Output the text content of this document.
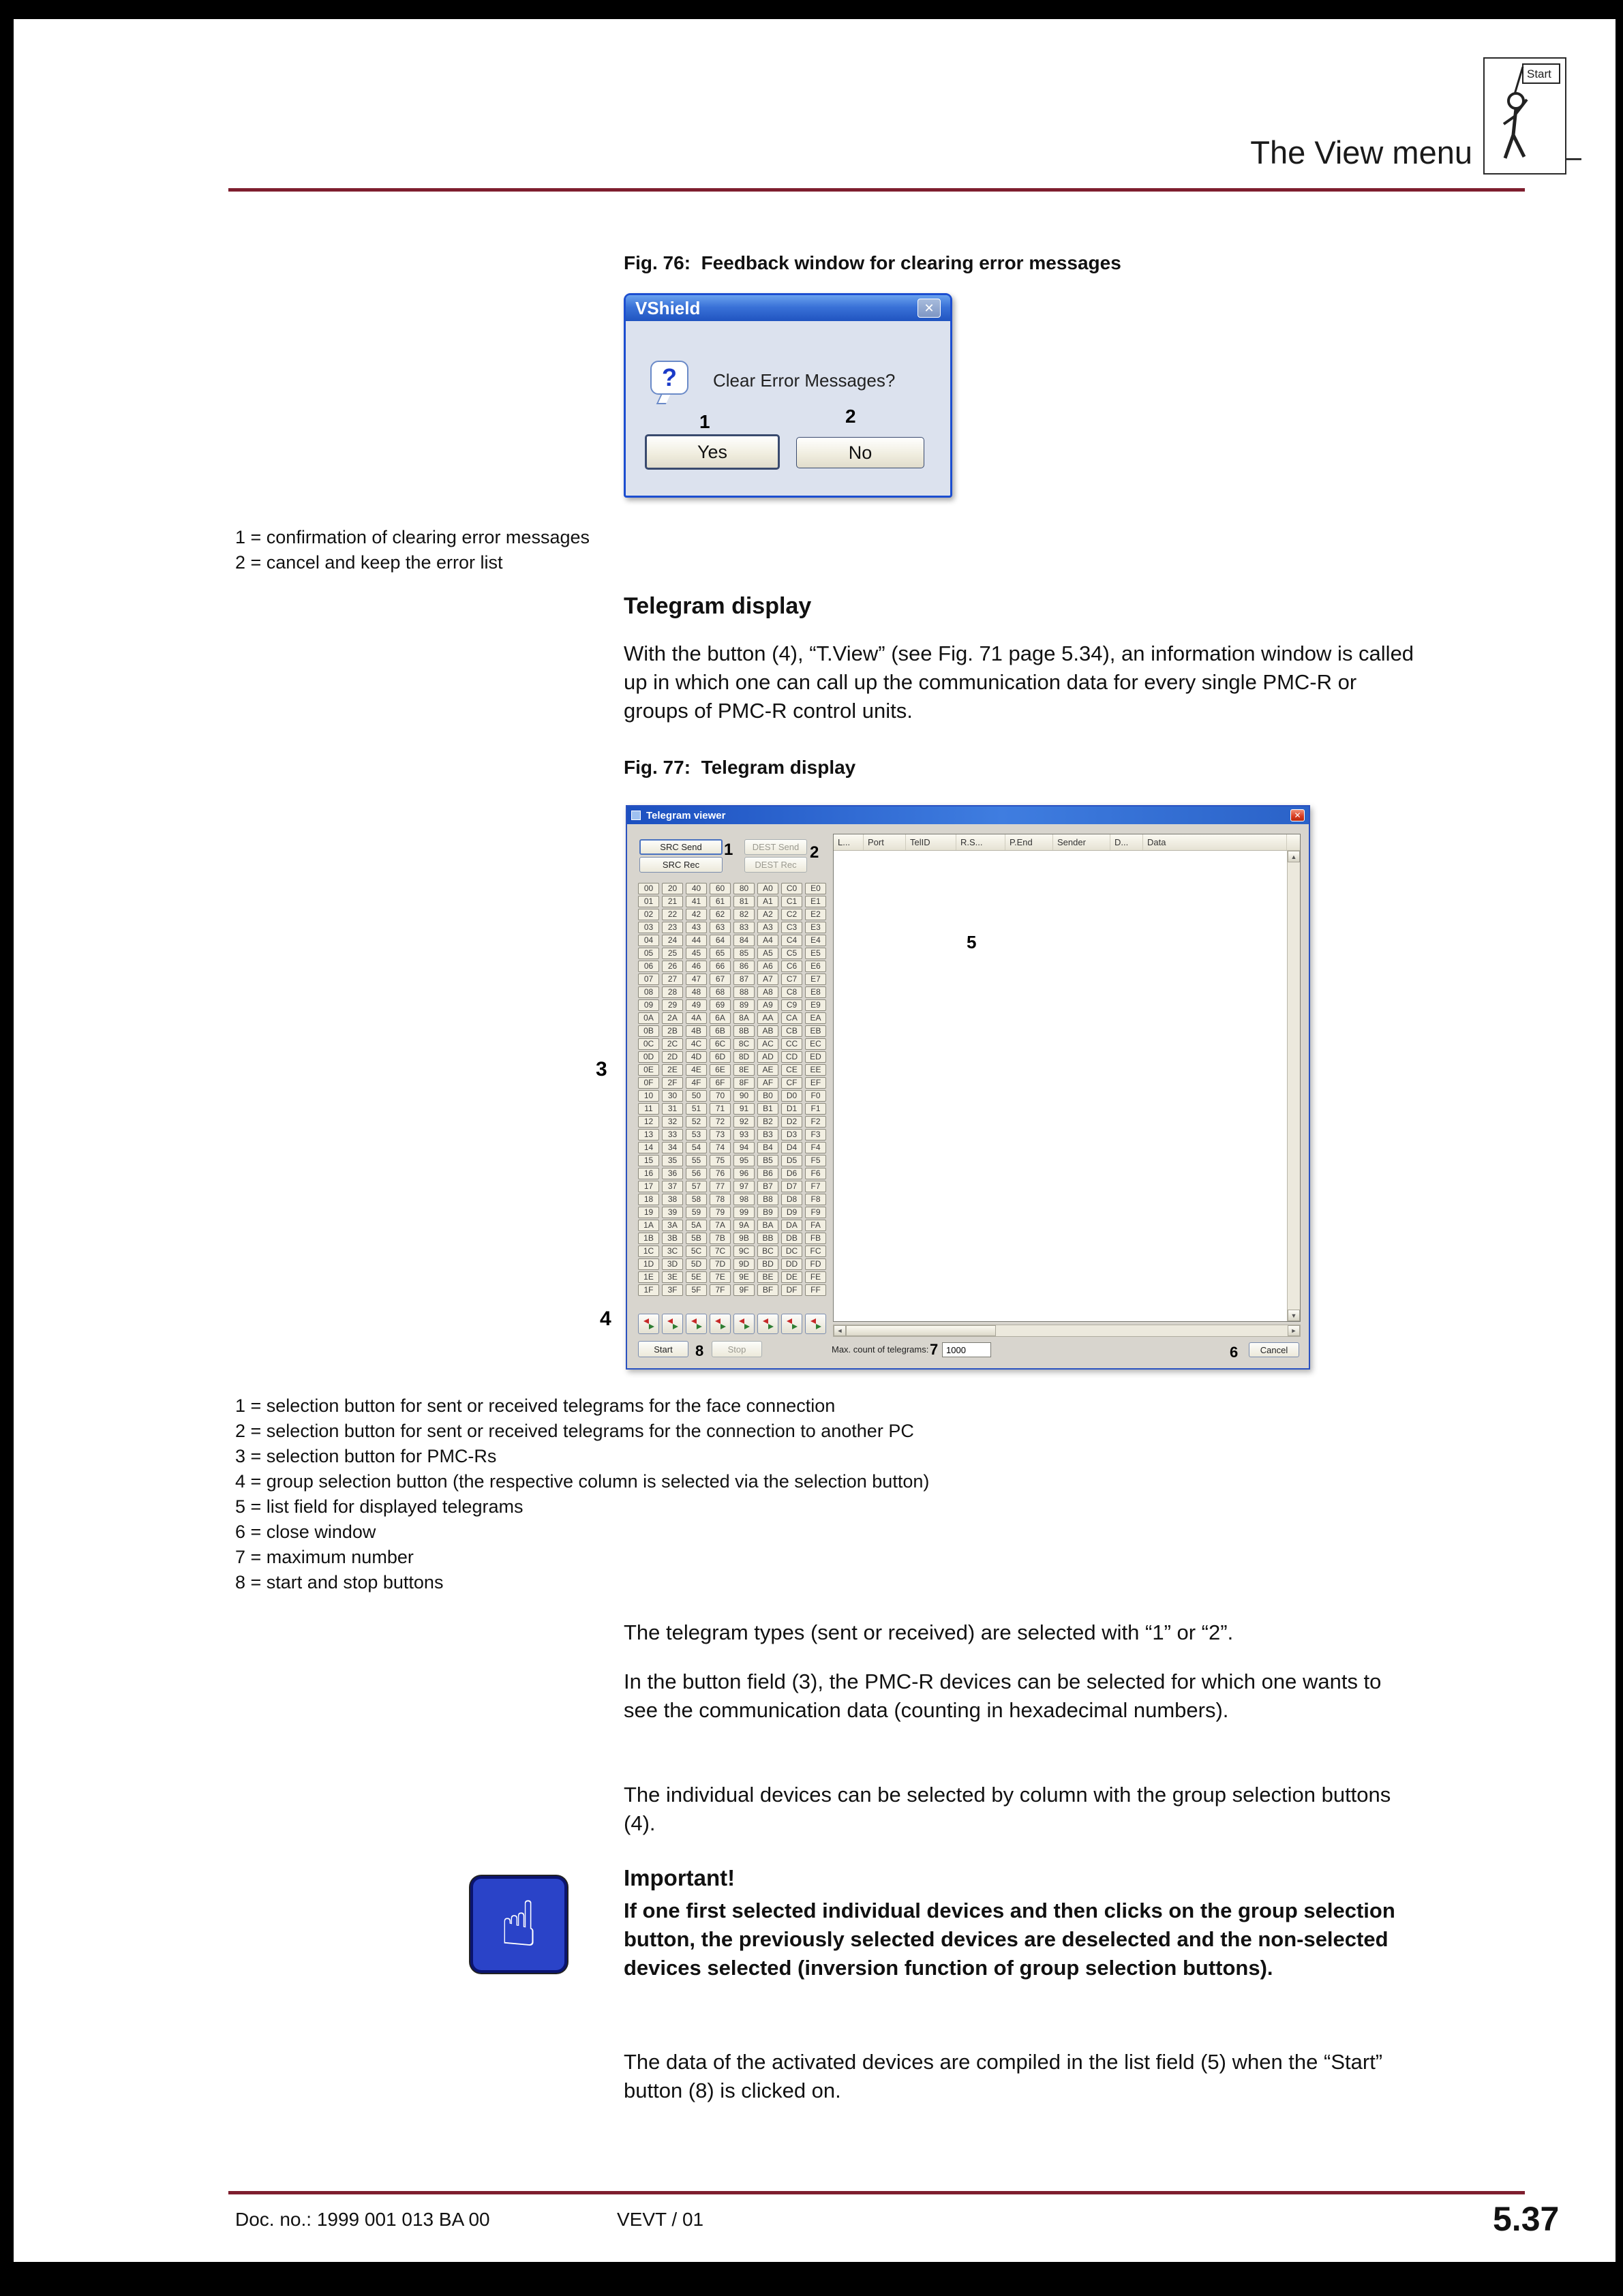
The View menu
Start
Fig. 76:  Feedback window for clearing error messages
VShield	✕
?	Clear Error Messages?
1	2
Yes	No
1 = confirmation of clearing error messages
2 = cancel and keep the error list
Telegram display
With the button (4), “T.View” (see Fig. 71 page 5.34), an information window is called up in which one can call up the communication data for every single PMC-R or groups of PMC-R control units.
Fig. 77:  Telegram display
Telegram viewer	✕
SRC Send
SRC Rec
DEST Send
DEST Rec
1	2
00	20	40	60	80	A0	C0	E0
01	21	41	61	81	A1	C1	E1
02	22	42	62	82	A2	C2	E2
03	23	43	63	83	A3	C3	E3
04	24	44	64	84	A4	C4	E4
05	25	45	65	85	A5	C5	E5
06	26	46	66	86	A6	C6	E6
07	27	47	67	87	A7	C7	E7
08	28	48	68	88	A8	C8	E8
09	29	49	69	89	A9	C9	E9
0A	2A	4A	6A	8A	AA	CA	EA
0B	2B	4B	6B	8B	AB	CB	EB
0C	2C	4C	6C	8C	AC	CC	EC
0D	2D	4D	6D	8D	AD	CD	ED
0E	2E	4E	6E	8E	AE	CE	EE
0F	2F	4F	6F	8F	AF	CF	EF
10	30	50	70	90	B0	D0	F0
11	31	51	71	91	B1	D1	F1
12	32	52	72	92	B2	D2	F2
13	33	53	73	93	B3	D3	F3
14	34	54	74	94	B4	D4	F4
15	35	55	75	95	B5	D5	F5
16	36	56	76	96	B6	D6	F6
17	37	57	77	97	B7	D7	F7
18	38	58	78	98	B8	D8	F8
19	39	59	79	99	B9	D9	F9
1A	3A	5A	7A	9A	BA	DA	FA
1B	3B	5B	7B	9B	BB	DB	FB
1C	3C	5C	7C	9C	BC	DC	FC
1D	3D	5D	7D	9D	BD	DD	FD
1E	3E	5E	7E	9E	BE	DE	FE
1F	3F	5F	7F	9F	BF	DF	FF
L...	Port	TelID	R.S...	P.End	Sender	D...	Data
▲
▼
5
◄	►
Start	Stop
8	Max. count of telegrams: 7
1000	6	Cancel
3
4
1 = selection button for sent or received telegrams for the face connection
2 = selection button for sent or received telegrams for the connection to another PC
3 = selection button for PMC-Rs
4 = group selection button (the respective column is selected via the selection button)
5 = list field for displayed telegrams
6 = close window
7 = maximum number
8 = start and stop buttons
The telegram types (sent or received) are selected with “1” or “2”.
In the button field (3), the PMC-R devices can be selected for which one wants to see the communication data (counting in hexadecimal numbers).
The individual devices can be selected by column with the group selection buttons (4).
☝
Important!
If one first selected individual devices and then clicks on the group selection button, the previously selected devices are deselected and the non-selected devices selected (inversion function of group selection buttons).
The data of the activated devices are compiled in the list field (5) when the “Start” button (8) is clicked on.
Doc. no.: 1999 001 013 BA 00	VEVT / 01	5.37
